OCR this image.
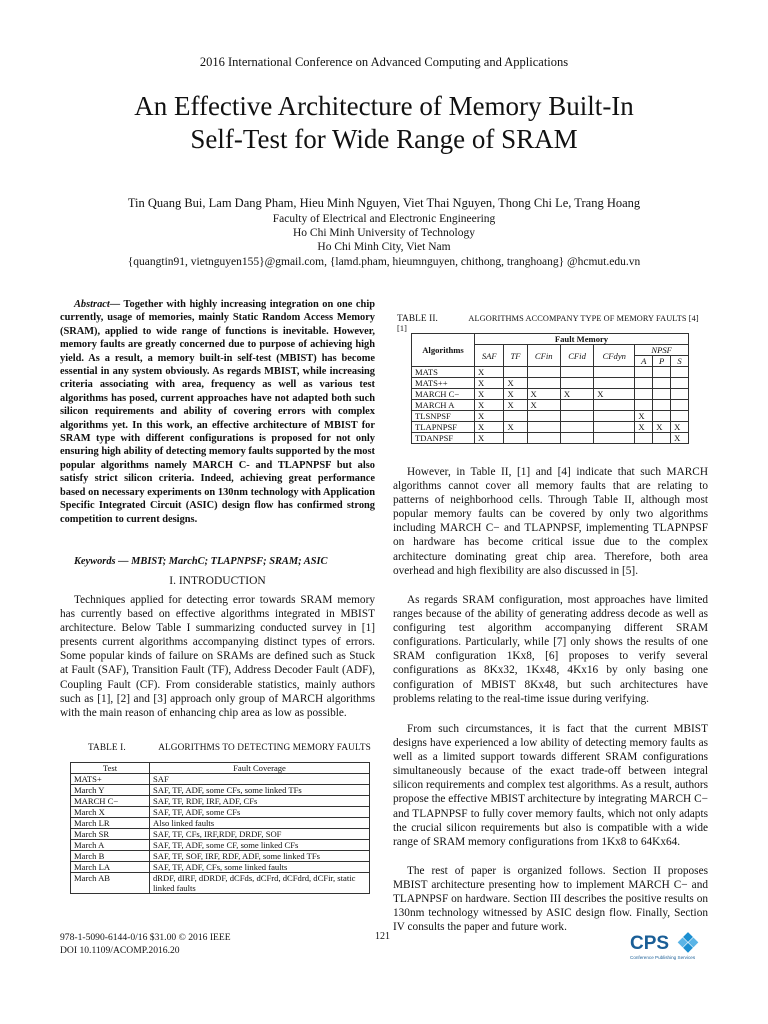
2016 International Conference on Advanced Computing and Applications
An Effective Architecture of Memory Built-In
Self-Test for Wide Range of SRAM
Tin Quang Bui, Lam Dang Pham, Hieu Minh Nguyen, Viet Thai Nguyen, Thong Chi Le, Trang Hoang
Faculty of Electrical and Electronic Engineering
Ho Chi Minh University of Technology
Ho Chi Minh City, Viet Nam
{quangtin91, vietnguyen155}@gmail.com, {lamd.pham, hieumnguyen, chithong, tranghoang} @hcmut.edu.vn

Abstract— Together with highly increasing integration on one chip currently, usage of memories, mainly Static Random Access Memory (SRAM), applied to wide range of functions is inevitable. However, memory faults are greatly concerned due to purpose of achieving high yield. As a result, a memory built-in self-test (MBIST) has become essential in any system obviously. As regards MBIST, while increasing criteria associating with area, frequency as well as various test algorithms has posed, current approaches have not adapted both such silicon requirements and ability of covering errors with complex algorithms yet. In this work, an effective architecture of MBIST for SRAM type with different configurations is proposed for not only ensuring high ability of detecting memory faults supported by the most popular algorithms namely MARCH C- and TLAPNPSF but also satisfy strict silicon criteria. Indeed, achieving great performance based on necessary experiments on 130nm technology with Application Specific Integrated Circuit (ASIC) design flow has confirmed strong competition to current designs.

Keywords — MBIST; MarchC; TLAPNPSF; SRAM; ASIC

I. INTRODUCTION

Techniques applied for detecting error towards SRAM memory has currently based on effective algorithms integrated in MBIST architecture. Below Table I summarizing conducted survey in [1] presents current algorithms accompanying distinct types of errors. Some popular kinds of failure on SRAMs are defined such as Stuck at Fault (SAF), Transition Fault (TF), Address Decoder Fault (ADF), Coupling Fault (CF). From considerable statistics, mainly authors such as [1], [2] and [3] approach only group of MARCH algorithms with the main reason of enhancing chip area as low as possible.

TABLE I.	ALGORITHMS TO DETECTING MEMORY FAULTS
Test	Fault Coverage
MATS+	SAF
March Y	SAF, TF, ADF, some CFs, some linked TFs
MARCH C−	SAF, TF, RDF, IRF, ADF, CFs
March X	SAF, TF, ADF, some CFs
March LR	Also linked faults
March SR	SAF, TF, CFs, IRF,RDF, DRDF, SOF
March A	SAF, TF, ADF, some CF, some linked CFs
March B	SAF, TF, SOF, IRF, RDF, ADF, some linked TFs
March LA	SAF, TF, ADF, CFs, some linked faults
March AB	dRDF, dIRF, dDRDF, dCFds, dCFrd, dCFdrd, dCFir, static linked faults
TABLE II.	ALGORITHMS ACCOMPANY TYPE OF MEMORY FAULTS [4][1]
Algorithms	Fault Memory							
	SAF	TF	CFin	CFid	CFdyn	NPSF		
						A	P	S
MATS	X							
MATS++	X	X						
MARCH C−	X	X	X	X	X			
MARCH A	X	X	X					
TLSNPSF	X					X		
TLAPNPSF	X	X				X	X	X
TDANPSF	X							X

However, in Table II, [1] and [4] indicate that such MARCH algorithms cannot cover all memory faults that are relating to patterns of neighborhood cells. Through Table II, although most popular memory faults can be covered by only two algorithms including MARCH C− and TLAPNPSF, implementing TLAPNPSF on hardware has become critical issue due to the complex architecture dominating great chip area. Therefore, both area overhead and high flexibility are also discussed in [5].

As regards SRAM configuration, most approaches have limited ranges because of the ability of generating address decode as well as configuring test algorithm accompanying different SRAM configurations. Particularly, while [7] only shows the results of one SRAM configuration 1Kx8, [6] proposes to verify several configurations as 8Kx32, 1Kx48, 4Kx16 by only basing one configuration of MBIST 8Kx48, but such architectures have problems relating to the real-time issue during verifying.

From such circumstances, it is fact that the current MBIST designs have experienced a low ability of detecting memory faults as well as a limited support towards different SRAM configurations simultaneously because of the exact trade-off between integral silicon requirements and complex test algorithms. As a result, authors propose the effective MBIST architecture by integrating MARCH C− and TLAPNPSF to fully cover memory faults, which not only adapts the crucial silicon requirements but also is compatible with a wide range of SRAM memory configurations from 1Kx8 to 64Kx64.

The rest of paper is organized follows. Section II proposes MBIST architecture presenting how to implement MARCH C− and TLAPNPSF on hardware. Section III describes the positive results on 130nm technology witnessed by ASIC design flow. Finally, Section IV consults the paper and future work.

978-1-5090-6144-0/16 $31.00 © 2016 IEEE
DOI 10.1109/ACOMP.2016.20
121	CPS
Conference Publishing Services
